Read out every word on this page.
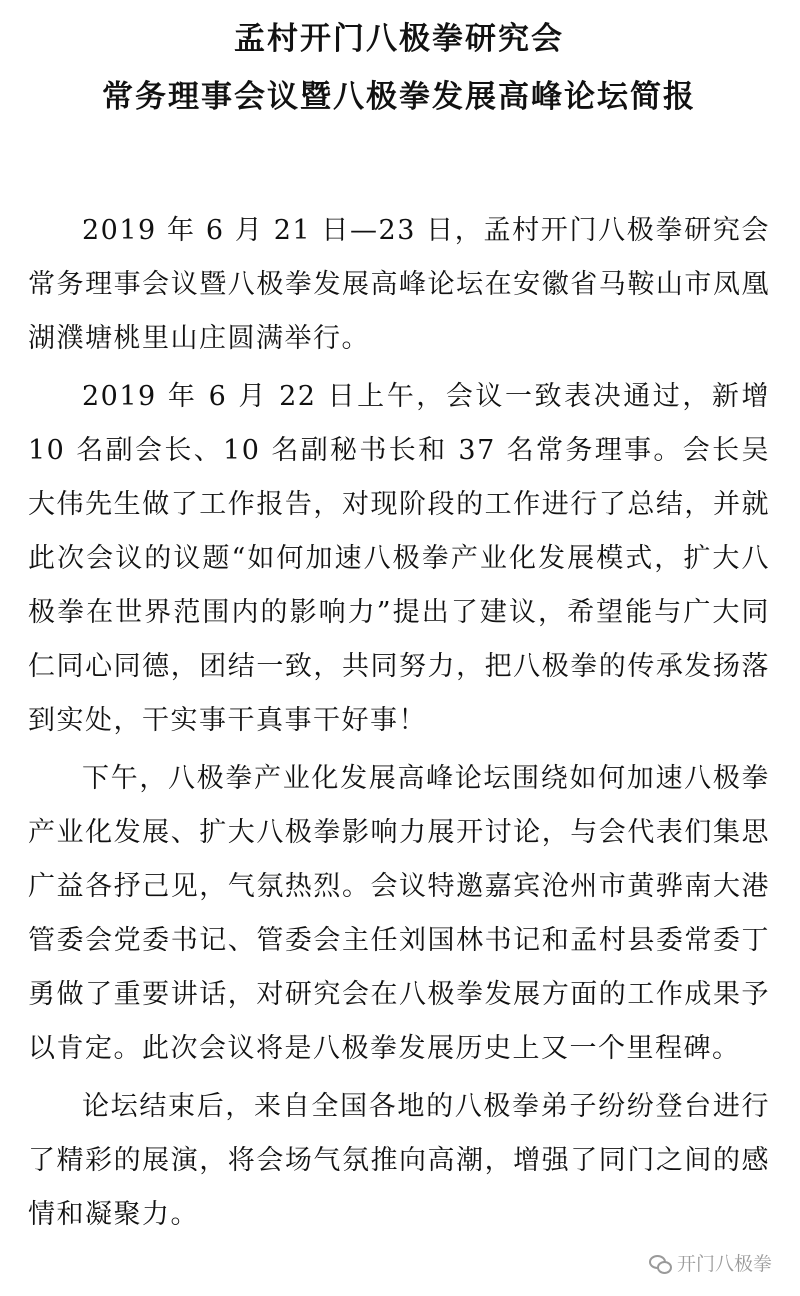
孟村开门八极拳研究会
常务理事会议暨八极拳发展高峰论坛简报

2019 年 6 月 21 日—23 日，孟村开门八极拳研究会常务理事会议暨八极拳发展高峰论坛在安徽省马鞍山市凤凰湖濮塘桃里山庄圆满举行。

2019 年 6 月 22 日上午，会议一致表决通过，新增 10 名副会长、10 名副秘书长和 37 名常务理事。会长吴大伟先生做了工作报告，对现阶段的工作进行了总结，并就此次会议的议题“如何加速八极拳产业化发展模式，扩大八极拳在世界范围内的影响力”提出了建议，希望能与广大同仁同心同德，团结一致，共同努力，把八极拳的传承发扬落到实处，干实事干真事干好事！

下午，八极拳产业化发展高峰论坛围绕如何加速八极拳产业化发展、扩大八极拳影响力展开讨论，与会代表们集思广益各抒己见，气氛热烈。会议特邀嘉宾沧州市黄骅南大港管委会党委书记、管委会主任刘国林书记和孟村县委常委丁勇做了重要讲话，对研究会在八极拳发展方面的工作成果予以肯定。此次会议将是八极拳发展历史上又一个里程碑。

论坛结束后，来自全国各地的八极拳弟子纷纷登台进行了精彩的展演，将会场气氛推向高潮，增强了同门之间的感情和凝聚力。

开门八极拳
